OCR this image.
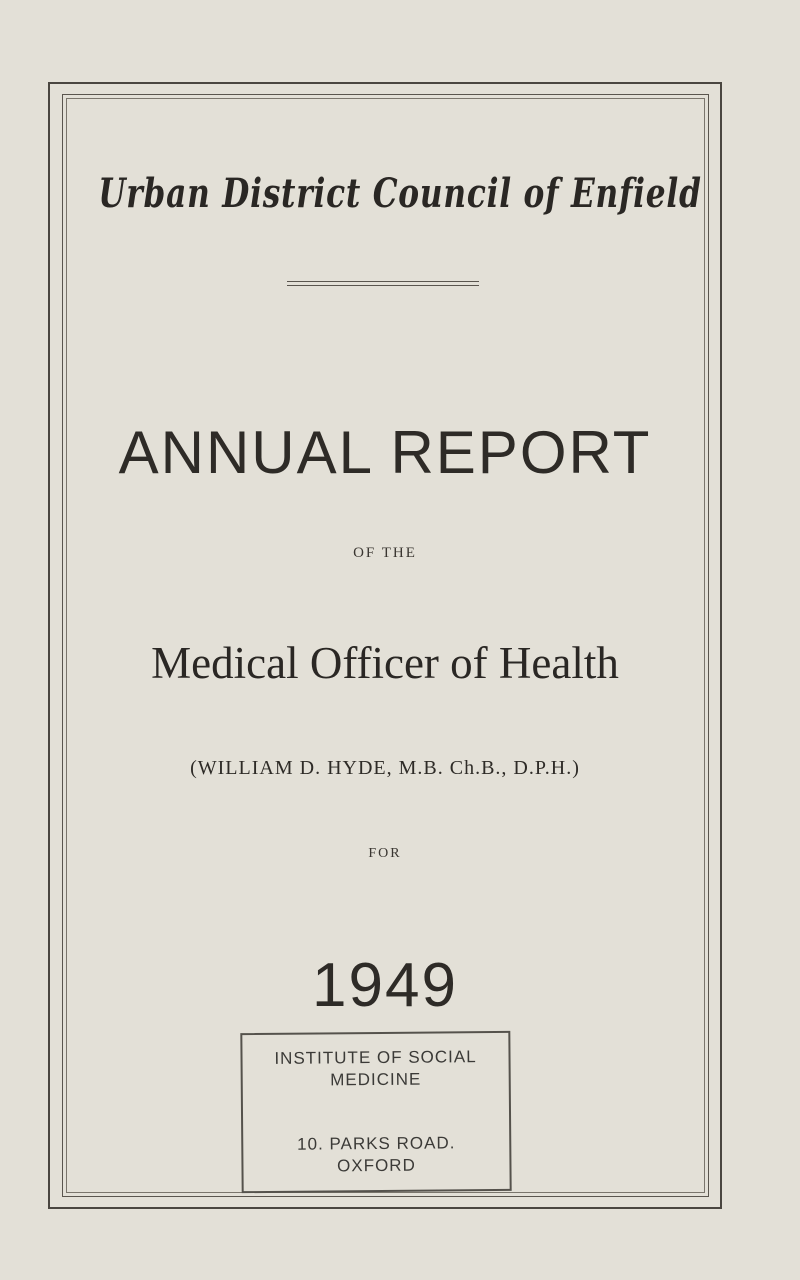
Urban District Council of Enfield
ANNUAL REPORT
OF THE
Medical Officer of Health
(WILLIAM D. HYDE, M.B. Ch.B., D.P.H.)
FOR
1949
INSTITUTE OF SOCIAL
MEDICINE
10. PARKS ROAD.
OXFORD
